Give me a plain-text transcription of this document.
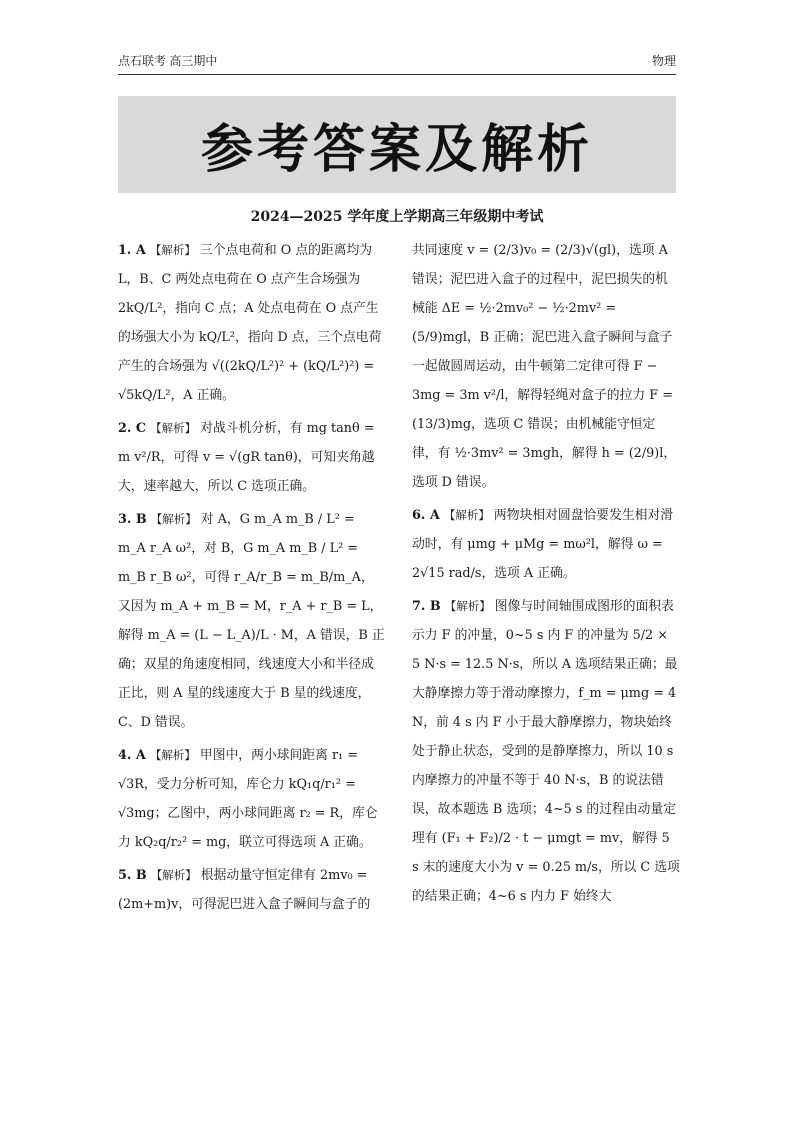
点石联考 高三期中	物理
参考答案及解析
2024—2025 学年度上学期高三年级期中考试

1. A 【解析】 三个点电荷和 O 点的距离均为 L，B、C 两处点电荷在 O 点产生合场强为 2kQ/L²，指向 C 点；A 处点电荷在 O 点产生的场强大小为 kQ/L²，指向 D 点，三个点电荷产生的合场强为 √((2kQ/L²)² + (kQ/L²)²) = √5kQ/L²，A 正确。

2. C 【解析】 对战斗机分析，有 mg tanθ = m v²/R，可得 v = √(gR tanθ)，可知夹角越大，速率越大，所以 C 选项正确。

3. B 【解析】 对 A，G m_A m_B / L² = m_A r_A ω²，对 B，G m_A m_B / L² = m_B r_B ω²，可得 r_A/r_B = m_B/m_A，又因为 m_A + m_B = M，r_A + r_B = L，解得 m_A = (L − L_A)/L · M，A 错误，B 正确；双星的角速度相同，线速度大小和半径成正比，则 A 星的线速度大于 B 星的线速度，C、D 错误。

4. A 【解析】 甲图中，两小球间距离 r₁ = √3R，受力分析可知，库仑力 kQ₁q/r₁² = √3mg；乙图中，两小球间距离 r₂ = R，库仑力 kQ₂q/r₂² = mg，联立可得选项 A 正确。

5. B 【解析】 根据动量守恒定律有 2mv₀ = (2m+m)v，可得泥巴进入盒子瞬间与盒子的

共同速度 v = (2/3)v₀ = (2/3)√(gl)，选项 A 错误；泥巴进入盒子的过程中，泥巴损失的机械能 ΔE = ½·2mv₀² − ½·2mv² = (5/9)mgl，B 正确；泥巴进入盒子瞬间与盒子一起做圆周运动，由牛顿第二定律可得 F − 3mg = 3m v²/l，解得轻绳对盒子的拉力 F = (13/3)mg，选项 C 错误；由机械能守恒定律，有 ½·3mv² = 3mgh，解得 h = (2/9)l，选项 D 错误。

6. A 【解析】 两物块相对圆盘恰要发生相对滑动时，有 μmg + μMg = mω²l，解得 ω = 2√15 rad/s，选项 A 正确。

7. B 【解析】 图像与时间轴围成图形的面积表示力 F 的冲量，0~5 s 内 F 的冲量为 5/2 × 5 N·s = 12.5 N·s，所以 A 选项结果正确；最大静摩擦力等于滑动摩擦力，f_m = μmg = 4 N，前 4 s 内 F 小于最大静摩擦力，物块始终处于静止状态，受到的是静摩擦力，所以 10 s 内摩擦力的冲量不等于 40 N·s，B 的说法错误，故本题选 B 选项；4~5 s 的过程由动量定理有 (F₁ + F₂)/2 · t − μmgt = mv，解得 5 s 末的速度大小为 v = 0.25 m/s，所以 C 选项的结果正确；4~6 s 内力 F 始终大
